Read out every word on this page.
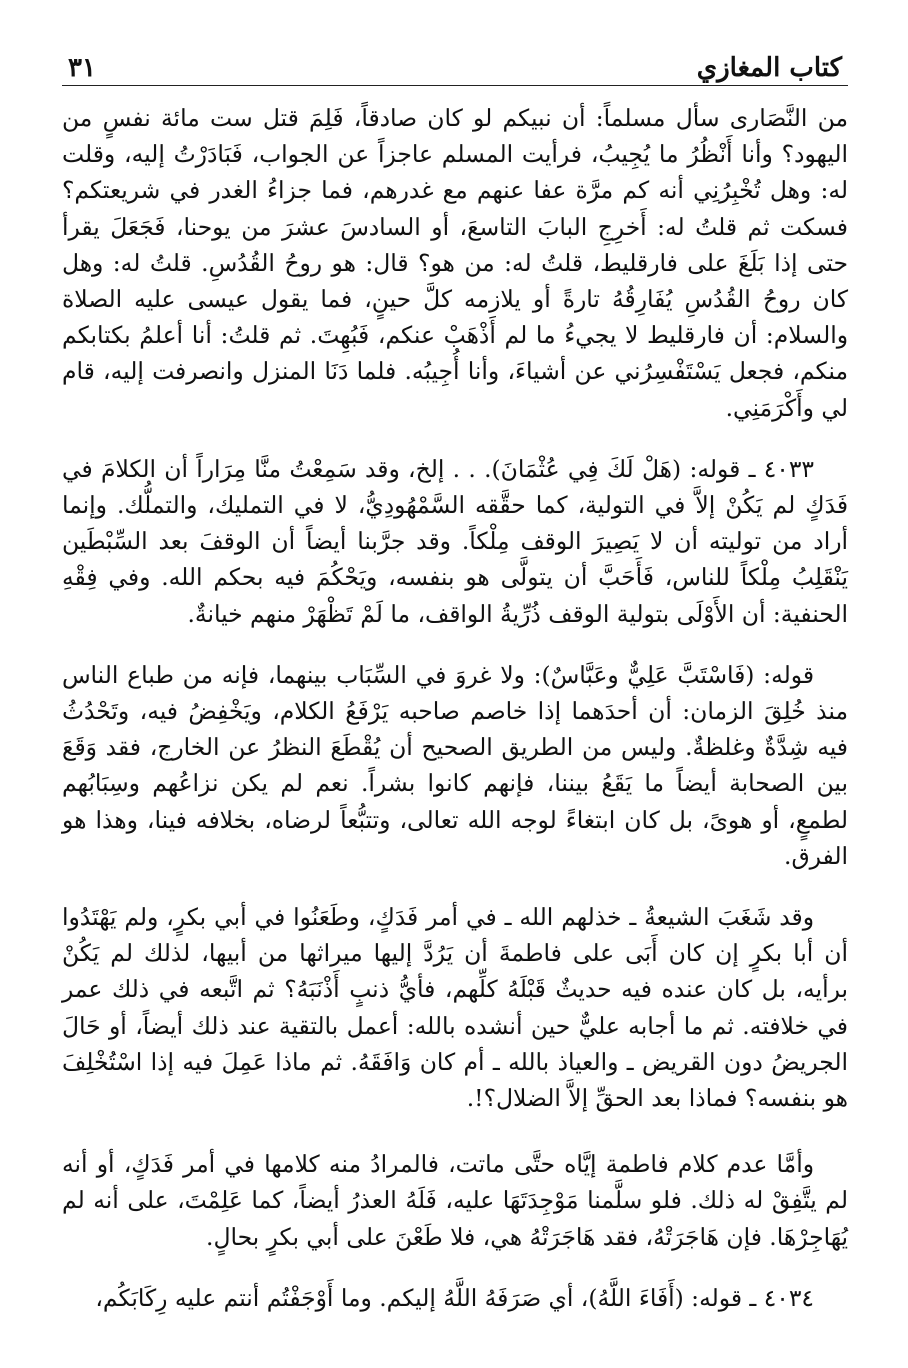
كتاب المغازي
٣١

من النَّصَارى سأل مسلماً: أن نبيكم لو كان صادقاً، فَلِمَ قتل ست مائة نفسٍ من اليهود؟ وأنا أَنْظُرُ ما يُجِيبُ، فرأيت المسلم عاجزاً عن الجواب، فَبَادَرْتُ إليه، وقلت له: وهل تُخْبِرُنِي أنه كم مرَّة عفا عنهم مع غدرهم، فما جزاءُ الغدر في شريعتكم؟ فسكت ثم قلتُ له: أَخرِجِ البابَ التاسعَ، أو السادسَ عشرَ من يوحنا، فَجَعَلَ يقرأ حتى إذا بَلَغَ على فارقليط، قلتُ له: من هو؟ قال: هو روحُ القُدُسِ. قلتُ له: وهل كان روحُ القُدُسِ يُفَارِقُهُ تارةً أو يلازمه كلَّ حينٍ، فما يقول عيسى عليه الصلاة والسلام: أن فارقليط لا يجيءُ ما لم أَذْهَبْ عنكم، فَبُهِتَ. ثم قلتُ: أنا أعلمُ بكتابكم منكم، فجعل يَسْتَفْسِرُني عن أشياءَ، وأنا أُجِيبُه. فلما دَنَا المنزل وانصرفت إليه، قام لي وأَكْرَمَنِي.

٤٠٣٣ ـ قوله: (هَلْ لَكَ فِي عُثْمَانَ). . . إلخ، وقد سَمِعْتُ منَّا مِرَاراً أن الكلامَ في فَدَكٍ لم يَكُنْ إلاَّ في التولية، كما حقَّقه السَّمْهُودِيُّ، لا في التمليك، والتملُّك. وإنما أراد من توليته أن لا يَصِيرَ الوقف مِلْكاً. وقد جرَّبنا أيضاً أن الوقفَ بعد السِّبْطَين يَنْقَلِبُ مِلْكاً للناس، فَأَحَبَّ أن يتولَّى هو بنفسه، ويَحْكُمَ فيه بحكم الله. وفي فِقْهِ الحنفية: أن الأَوْلَى بتولية الوقف ذُرِّيةُ الواقف، ما لَمْ تَظْهَرْ منهم خيانةٌ.

قوله: (فَاسْتَبَّ عَلِيٌّ وعَبَّاسٌ): ولا غروَ في السِّبَاب بينهما، فإنه من طباع الناس منذ خُلِقَ الزمان: أن أحدَهما إذا خاصم صاحبه يَرْفَعُ الكلام، ويَخْفِضُ فيه، وتَحْدُثُ فيه شِدَّةٌ وغلظةٌ. وليس من الطريق الصحيح أن يُقْطَعَ النظرُ عن الخارج، فقد وَقَعَ بين الصحابة أيضاً ما يَقَعُ بيننا، فإنهم كانوا بشراً. نعم لم يكن نزاعُهم وسِبَابُهم لطمعٍ، أو هوىً، بل كان ابتغاءً لوجه الله تعالى، وتتبُّعاً لرضاه، بخلافه فينا، وهذا هو الفرق.

وقد شَغَبَ الشيعةُ ـ خذلهم الله ـ في أمر فَدَكٍ، وطَعَنُوا في أبي بكرٍ، ولم يَهْتَدُوا أن أبا بكرٍ إن كان أَبَى على فاطمةَ أن يَرُدَّ إليها ميراثها من أبيها، لذلك لم يَكُنْ برأيه، بل كان عنده فيه حديثٌ قَبْلَهُ كلِّهم، فأيُّ ذنبٍ أَذْنَبَهُ؟ ثم اتَّبعه في ذلك عمر في خلافته. ثم ما أجابه عليٌّ حين أنشده بالله: أعمل بالتقية عند ذلك أيضاً، أو حَالَ الجريضُ دون القريض ـ والعياذ بالله ـ أم كان وَافَقَهُ. ثم ماذا عَمِلَ فيه إذا اسْتُخْلِفَ هو بنفسه؟ فماذا بعد الحقِّ إلاَّ الضلال؟!.

وأمَّا عدم كلام فاطمة إيَّاه حتَّى ماتت، فالمرادُ منه كلامها في أمر فَدَكٍ، أو أنه لم يتَّفِقْ له ذلك. فلو سلَّمنا مَوْجِدَتَهَا عليه، فَلَهُ العذرُ أيضاً، كما عَلِمْتَ، على أنه لم يُهَاجِرْهَا. فإن هَاجَرَتْهُ، فقد هَاجَرَتْهُ هي، فلا طَعْنَ على أبي بكرٍ بحالٍ.

٤٠٣٤ ـ قوله: (أَفَاءَ اللَّهُ)، أي صَرَفَهُ اللَّهُ إليكم. وما أَوْجَفْتُم أنتم عليه رِكَابَكُم،
